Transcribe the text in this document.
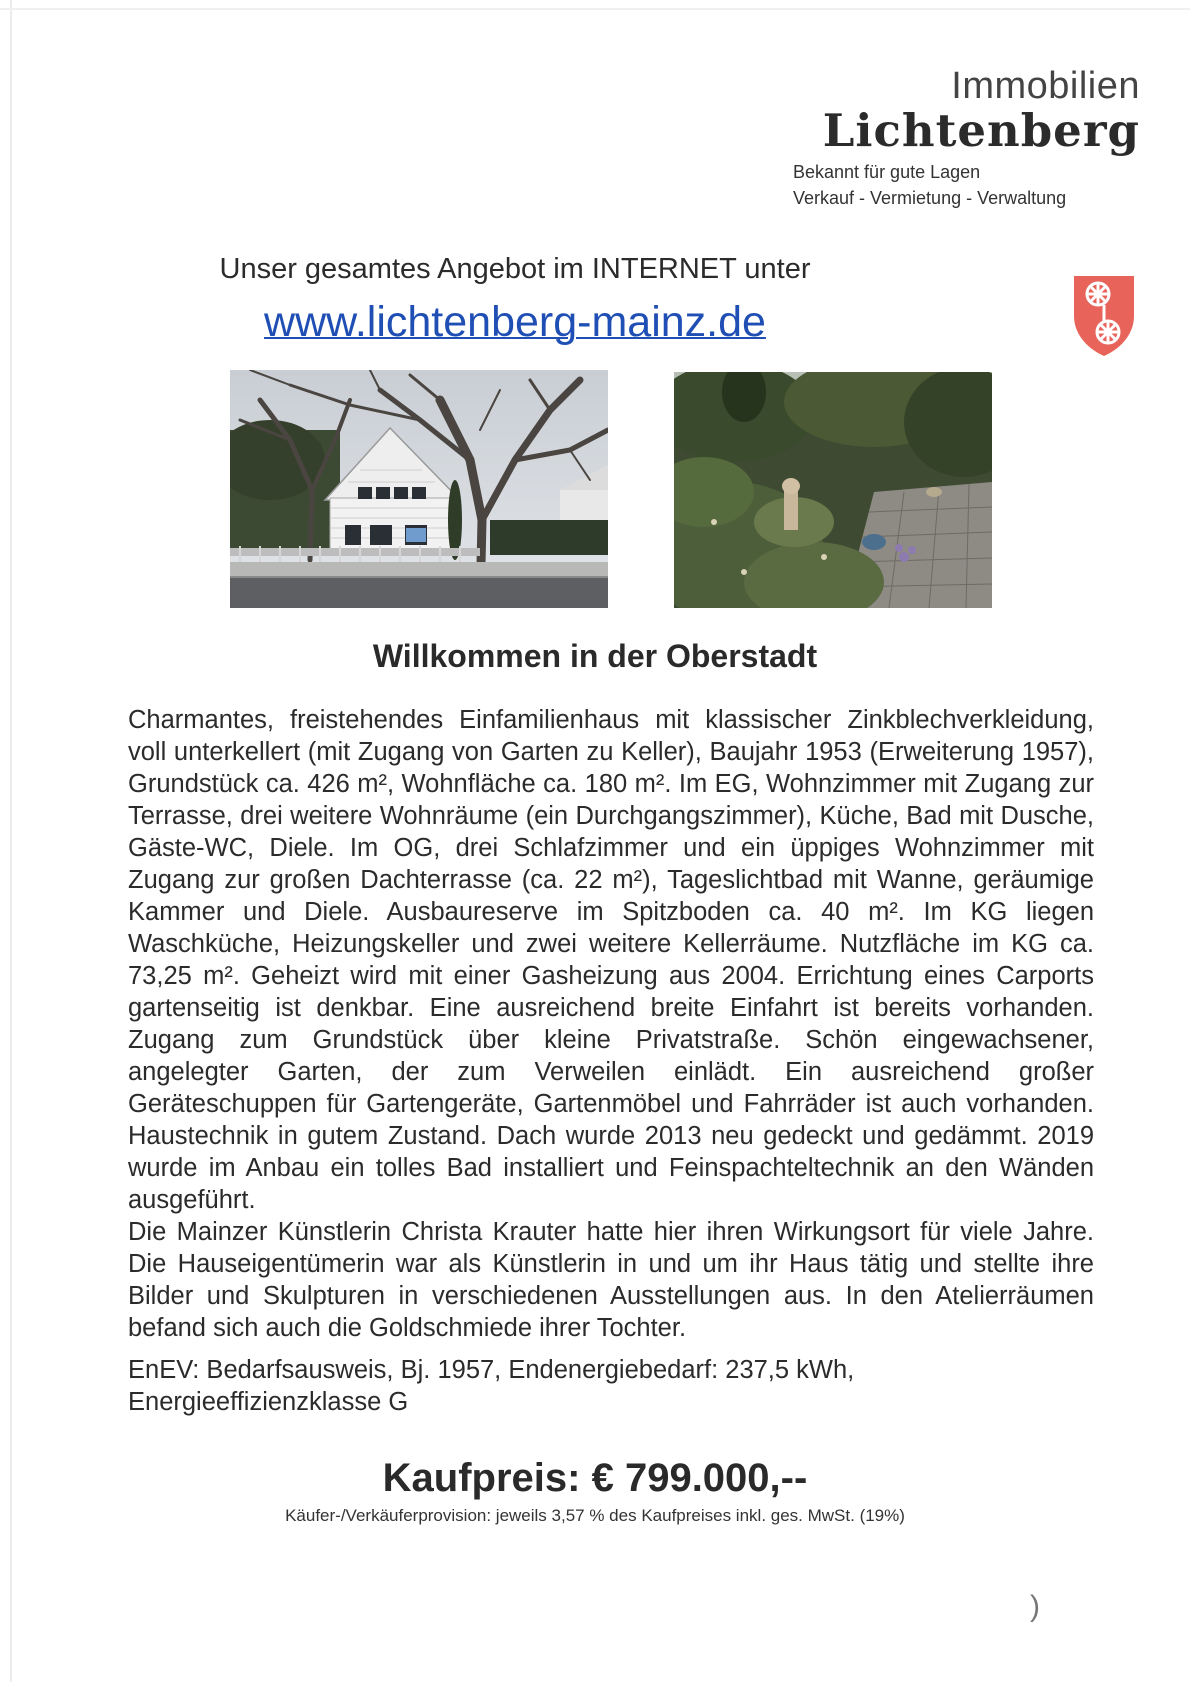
Immobilien
Lichtenberg
Bekannt für gute Lagen
Verkauf - Vermietung - Verwaltung
Unser gesamtes Angebot im INTERNET unter
www.lichtenberg-mainz.de
Willkommen in der Oberstadt

Charmantes, freistehendes Einfamilienhaus mit klassischer Zinkblechverkleidung, voll unterkellert (mit Zugang von Garten zu Keller), Baujahr 1953 (Erweiterung 1957), Grundstück ca. 426 m², Wohnfläche ca. 180 m². Im EG, Wohnzimmer mit Zugang zur Terrasse, drei weitere Wohnräume (ein Durchgangszimmer), Küche, Bad mit Dusche, Gäste-WC, Diele. Im OG, drei Schlafzimmer und ein üppiges Wohnzimmer mit Zugang zur großen Dachterrasse (ca. 22 m²), Tageslichtbad mit Wanne, geräumige Kammer und Diele. Ausbaureserve im Spitzboden ca. 40 m². Im KG liegen Waschküche, Heizungskeller und zwei weitere Kellerräume. Nutzfläche im KG ca. 73,25 m². Geheizt wird mit einer Gasheizung aus 2004. Errichtung eines Carports gartenseitig ist denkbar. Eine ausreichend breite Einfahrt ist bereits vorhanden. Zugang zum Grundstück über kleine Privatstraße. Schön eingewachsener, angelegter Garten, der zum Verweilen einlädt. Ein ausreichend großer Geräteschuppen für Gartengeräte, Gartenmöbel und Fahrräder ist auch vorhanden. Haustechnik in gutem Zustand. Dach wurde 2013 neu gedeckt und gedämmt. 2019 wurde im Anbau ein tolles Bad installiert und Feinspachteltechnik an den Wänden ausgeführt.

Die Mainzer Künstlerin Christa Krauter hatte hier ihren Wirkungsort für viele Jahre. Die Hauseigentümerin war als Künstlerin in und um ihr Haus tätig und stellte ihre Bilder und Skulpturen in verschiedenen Ausstellungen aus. In den Atelierräumen befand sich auch die Goldschmiede ihrer Tochter.

EnEV: Bedarfsausweis, Bj. 1957, Endenergiebedarf: 237,5 kWh, Energieeffizienzklasse G

Kaufpreis: € 799.000,--
Käufer-/Verkäuferprovision: jeweils 3,57 % des Kaufpreises inkl. ges. MwSt. (19%)
)
